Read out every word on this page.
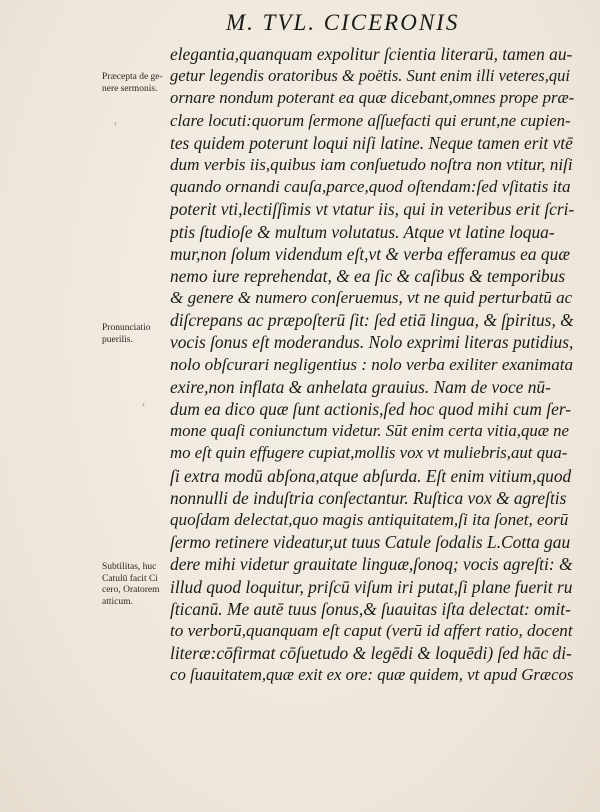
M. TVL. CICERONIS
Præcepta de ge-
nere sermonis.
Pronunciatio
puerilis.
Subtilitas, huc
Catulū facit Ci
cero, Oratorem
atticum.
‹
‹
elegantia,quanquam expolitur ſcientia literarū, tamen au-
getur legendis oratoribus & poëtis. Sunt enim illi veteres,qui
ornare nondum poterant ea quæ dicebant,omnes prope præ-
clare locuti:quorum ſermone aſſuefacti qui erunt,ne cupien-
tes quidem poterunt loqui niſi latine. Neque tamen erit vtē
dum verbis iis,quibus iam conſuetudo noſtra non vtitur, niſi
quando ornandi cauſa,parce,quod oſtendam:ſed vſitatis ita
poterit vti,lectiſſimis vt vtatur iis, qui in veteribus erit ſcri-
ptis ſtudioſe & multum volutatus. Atque vt latine loqua-
mur,non ſolum videndum eſt,vt & verba efferamus ea quæ
nemo iure reprehendat, & ea ſic & caſibus & temporibus
& genere & numero conſeruemus, vt ne quid perturbatū ac
diſcrepans ac præpoſterū ſit: ſed etiā lingua, & ſpiritus, &
vocis ſonus eſt moderandus. Nolo exprimi literas putidius,
nolo obſcurari negligentius : nolo verba exiliter exanimata
exire,non inflata & anhelata grauius. Nam de voce nū-
dum ea dico quæ ſunt actionis,ſed hoc quod mihi cum ſer-
mone quaſi coniunctum videtur. Sūt enim certa vitia,quæ ne
mo eſt quin effugere cupiat,mollis vox vt muliebris,aut qua-
ſi extra modū abſona,atque abſurda. Eſt enim vitium,quod
nonnulli de induſtria conſectantur. Ruſtica vox & agreſtis
quoſdam delectat,quo magis antiquitatem,ſi ita ſonet, eorū
ſermo retinere videatur,ut tuus Catule ſodalis L.Cotta gau
dere mihi videtur grauitate linguæ,ſonoq; vocis agreſti: &
illud quod loquitur, priſcū viſum iri putat,ſi plane fuerit ru
ſticanū. Me autē tuus ſonus,& ſuauitas iſta delectat: omit-
to verborū,quanquam eſt caput (verū id affert ratio, docent
literæ:cōfirmat cōſuetudo & legēdi & loquēdi) ſed hāc di-
co ſuauitatem,quæ exit ex ore: quæ quidem, vt apud Græcos
